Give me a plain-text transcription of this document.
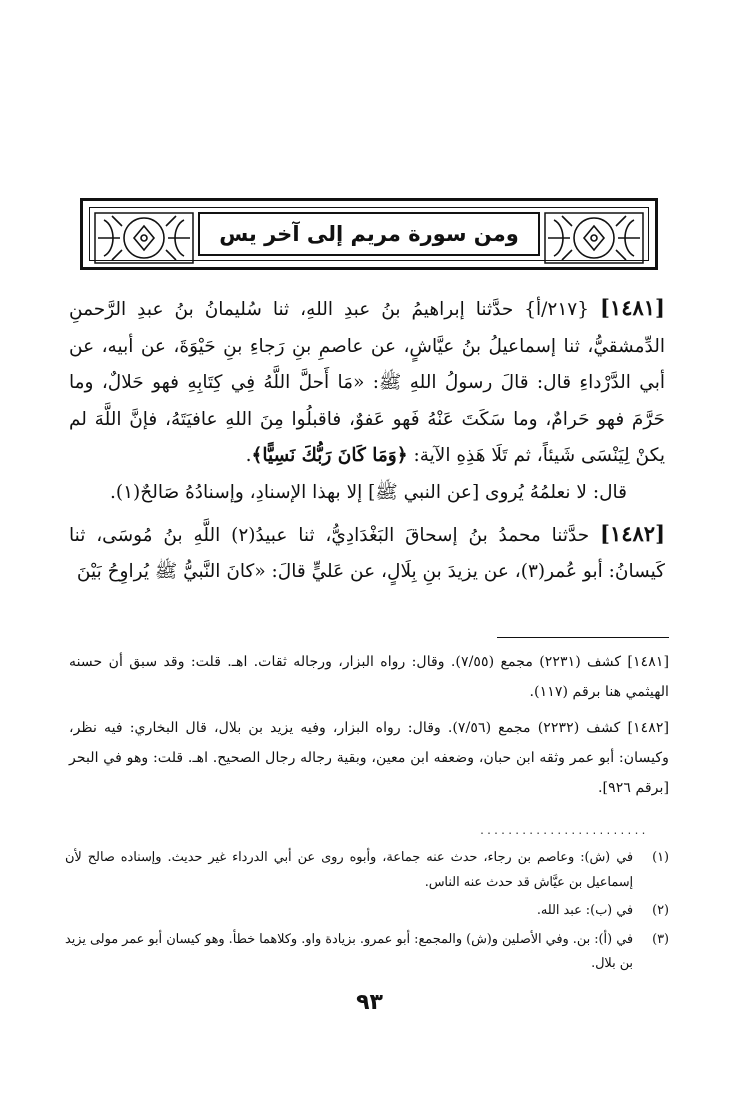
ومن سورة مريم إلى آخر يس

[١٤٨١] {٢١٧/أ} حدَّثنا إبراهيمُ بنُ عبدِ اللهِ، ثنا سُليمانُ بنُ عبدِ الرَّحمنِ الدِّمشقيُّ، ثنا إسماعيلُ بنُ عيَّاشٍ، عن عاصمِ بنِ رَجاءِ بنِ حَيْوَةَ، عن أبيه، عن أبي الدَّرْداءِ قال: قالَ رسولُ اللهِ ﷺ: «مَا أَحلَّ اللَّهُ فِي كِتَابِهِ فهو حَلالٌ، وما حَرَّمَ فهو حَرامٌ، وما سَكَتَ عَنْهُ فَهو عَفوٌ، فاقبلُوا مِنَ اللهِ عافيَتَهُ، فإنَّ اللَّهَ لم يكنْ لِيَنْسَى شَيئاً، ثم تَلَا هَذِهِ الآية: ﴿وَمَا كَانَ رَبُّكَ نَسِيًّا﴾.

قال: لا نعلمُهُ يُروى [عن النبي ﷺ] إلا بهذا الإسنادِ، وإسنادُهُ صَالحٌ(١).

[١٤٨٢] حدَّثنا محمدُ بنُ إسحاقَ البَغْدَادِيُّ، ثنا عبيدُ(٢) اللَّهِ بنُ مُوسَى، ثنا كَيسانُ: أبو عُمر(٣)، عن يزيدَ بنِ بِلَالٍ، عن عَليٍّ قالَ: «كانَ النَّبيُّ ﷺ يُراوِحُ بَيْنَ

[١٤٨١] كشف (٢٢٣١) مجمع (٧/٥٥). وقال: رواه البزار، ورجاله ثقات. اهـ. قلت: وقد سبق أن حسنه الهيثمي هنا برقم (١١٧).

[١٤٨٢] كشف (٢٢٣٢) مجمع (٧/٥٦). وقال: رواه البزار، وفيه يزيد بن بلال، قال البخاري: فيه نظر، وكيسان: أبو عمر وثقه ابن حبان، وضعفه ابن معين، وبقية رجاله رجال الصحيح. اهـ. قلت: وهو في البحر [برقم ٩٢٦].

........................
(١)
في (ش): وعاصم بن رجاء، حدث عنه جماعة، وأبوه روى عن أبي الدرداء غير حديث. وإسناده صالح لأن إسماعيل بن عيَّاش قد حدث عنه الناس.
(٢)
في (ب): عبد الله.
(٣)
في (أ): بن. وفي الأصلين و(ش) والمجمع: أبو عمرو. بزيادة واو. وكلاهما خطأ. وهو كيسان أبو عمر مولى يزيد بن بلال.
٩٣
